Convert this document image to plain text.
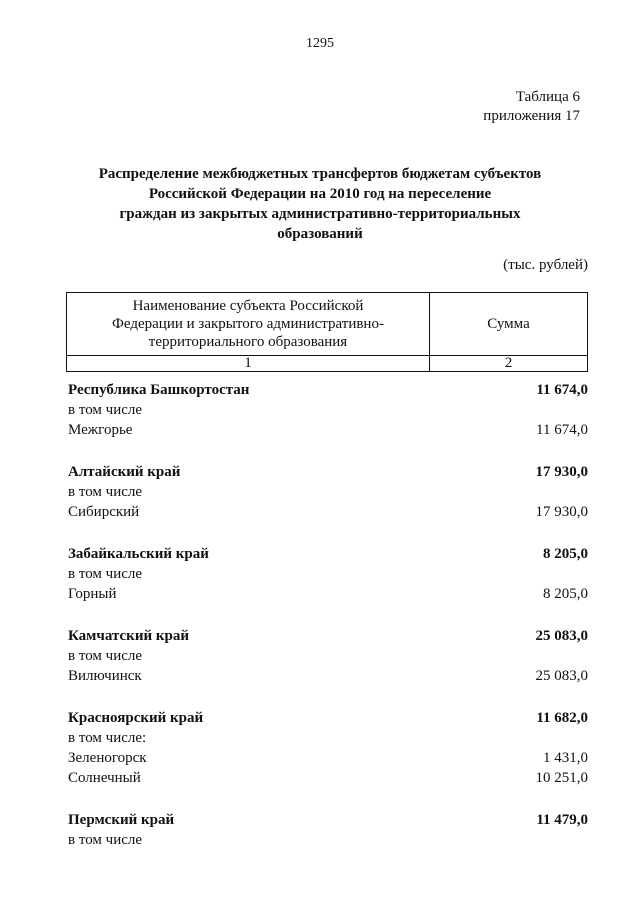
1295
Таблица 6
приложения 17
Распределение межбюджетных трансфертов бюджетам субъектов
Российской Федерации на 2010 год на переселение
граждан из закрытых административно-территориальных
образований
(тыс. рублей)
Наименование субъекта Российской
Федерации и закрытого административно-
территориального образования	Сумма
1	2
Республика Башкортостан	11 674,0
в том числе
Межгорье	11 674,0
Алтайский край	17 930,0
в том числе
Сибирский	17 930,0
Забайкальский край	8 205,0
в том числе
Горный	8 205,0
Камчатский край	25 083,0
в том числе
Вилючинск	25 083,0
Красноярский край	11 682,0
в том числе:
Зеленогорск	1 431,0
Солнечный	10 251,0
Пермский край	11 479,0
в том числе
